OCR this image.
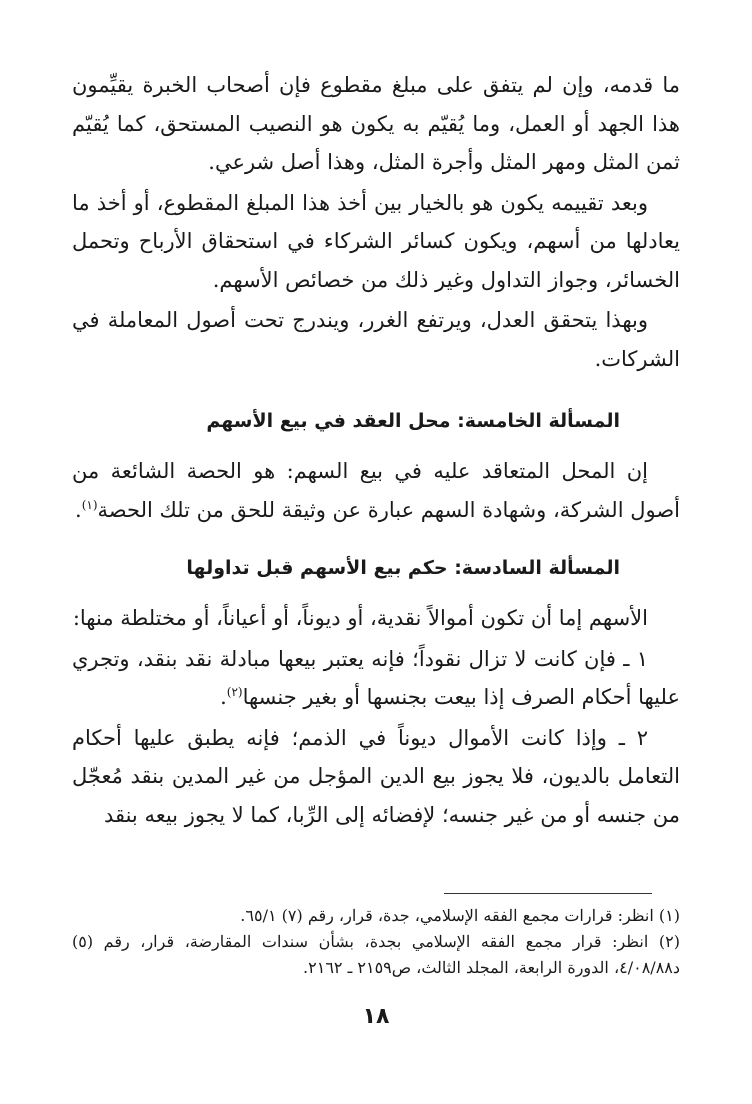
ما قدمه، وإن لم يتفق على مبلغ مقطوع فإن أصحاب الخبرة يقيِّمون هذا الجهد أو العمل، وما يُقيّم به يكون هو النصيب المستحق، كما يُقيّم ثمن المثل ومهر المثل وأجرة المثل، وهذا أصل شرعي.

وبعد تقييمه يكون هو بالخيار بين أخذ هذا المبلغ المقطوع، أو أخذ ما يعادلها من أسهم، ويكون كسائر الشركاء في استحقاق الأرباح وتحمل الخسائر، وجواز التداول وغير ذلك من خصائص الأسهم.

وبهذا يتحقق العدل، ويرتفع الغرر، ويندرج تحت أصول المعاملة في الشركات.

المسألة الخامسة: محل العقد في بيع الأسهم

إن المحل المتعاقد عليه في بيع السهم: هو الحصة الشائعة من أصول الشركة، وشهادة السهم عبارة عن وثيقة للحق من تلك الحصة$^{(١)}$.

المسألة السادسة: حكم بيع الأسهم قبل تداولها

الأسهم إما أن تكون أموالاً نقدية، أو ديوناً، أو أعياناً، أو مختلطة منها:

١ ـ فإن كانت لا تزال نقوداً؛ فإنه يعتبر بيعها مبادلة نقد بنقد، وتجري عليها أحكام الصرف إذا بيعت بجنسها أو بغير جنسها$^{(٢)}$.

٢ ـ وإذا كانت الأموال ديوناً في الذمم؛ فإنه يطبق عليها أحكام التعامل بالديون، فلا يجوز بيع الدين المؤجل من غير المدين بنقد مُعجّل من جنسه أو من غير جنسه؛ لإفضائه إلى الرِّبا، كما لا يجوز بيعه بنقد

(١) انظر: قرارات مجمع الفقه الإسلامي، جدة، قرار، رقم (٧) ٦٥/١.

(٢) انظر: قرار مجمع الفقه الإسلامي بجدة، بشأن سندات المقارضة، قرار، رقم (٥) د٤/٠٨/٨٨، الدورة الرابعة، المجلد الثالث، ص٢١٥٩ ـ ٢١٦٢.

١٨
